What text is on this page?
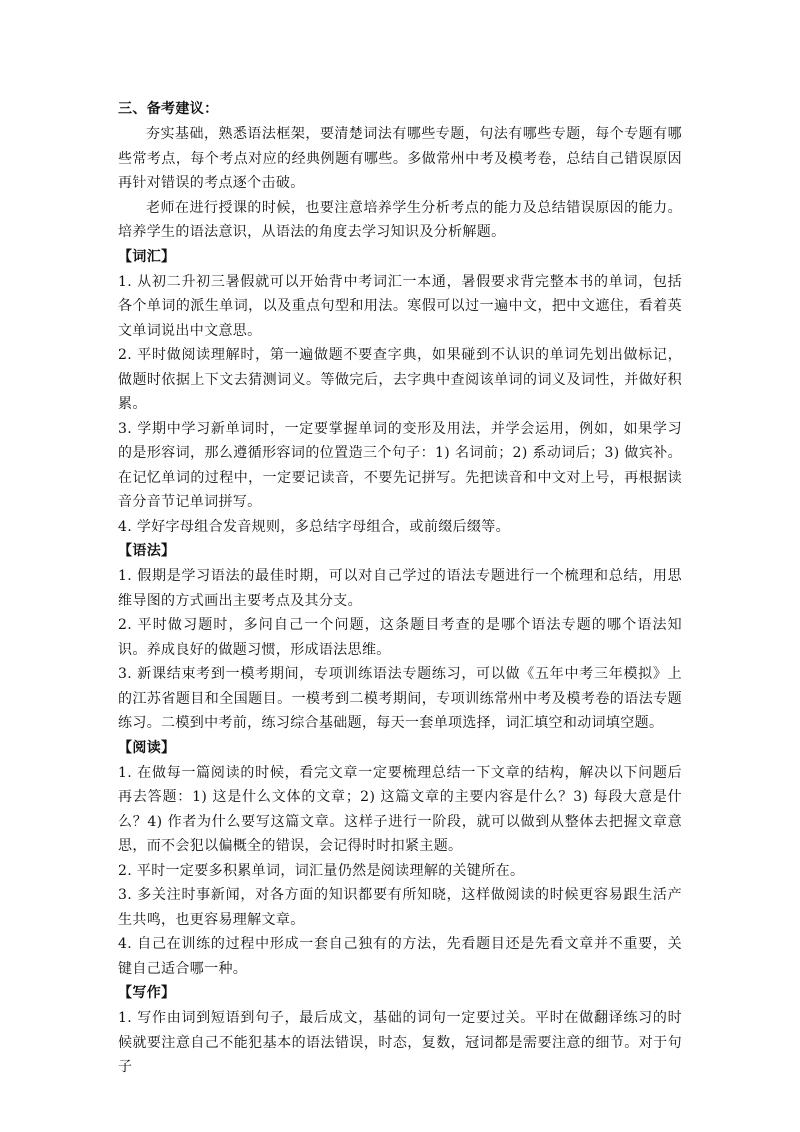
三、备考建议：

夯实基础，熟悉语法框架，要清楚词法有哪些专题，句法有哪些专题，每个专题有哪些常考点，每个考点对应的经典例题有哪些。多做常州中考及模考卷，总结自己错误原因再针对错误的考点逐个击破。

老师在进行授课的时候，也要注意培养学生分析考点的能力及总结错误原因的能力。培养学生的语法意识，从语法的角度去学习知识及分析解题。

【词汇】

1. 从初二升初三暑假就可以开始背中考词汇一本通，暑假要求背完整本书的单词，包括各个单词的派生单词，以及重点句型和用法。寒假可以过一遍中文，把中文遮住，看着英文单词说出中文意思。

2. 平时做阅读理解时，第一遍做题不要查字典，如果碰到不认识的单词先划出做标记，做题时依据上下文去猜测词义。等做完后，去字典中查阅该单词的词义及词性，并做好积累。

3. 学期中学习新单词时，一定要掌握单词的变形及用法，并学会运用，例如，如果学习的是形容词，那么遵循形容词的位置造三个句子：1) 名词前；2) 系动词后；3) 做宾补。在记忆单词的过程中，一定要记读音，不要先记拼写。先把读音和中文对上号，再根据读音分音节记单词拼写。

4. 学好字母组合发音规则，多总结字母组合，或前缀后缀等。

【语法】

1. 假期是学习语法的最佳时期，可以对自己学过的语法专题进行一个梳理和总结，用思维导图的方式画出主要考点及其分支。

2. 平时做习题时，多问自己一个问题，这条题目考查的是哪个语法专题的哪个语法知识。养成良好的做题习惯，形成语法思维。

3. 新课结束考到一模考期间，专项训练语法专题练习，可以做《五年中考三年模拟》上的江苏省题目和全国题目。一模考到二模考期间，专项训练常州中考及模考卷的语法专题练习。二模到中考前，练习综合基础题，每天一套单项选择，词汇填空和动词填空题。

【阅读】

1. 在做每一篇阅读的时候，看完文章一定要梳理总结一下文章的结构，解决以下问题后再去答题：1) 这是什么文体的文章；2) 这篇文章的主要内容是什么？3) 每段大意是什么？4) 作者为什么要写这篇文章。这样子进行一阶段，就可以做到从整体去把握文章意思，而不会犯以偏概全的错误，会记得时时扣紧主题。

2. 平时一定要多积累单词，词汇量仍然是阅读理解的关键所在。

3. 多关注时事新闻，对各方面的知识都要有所知晓，这样做阅读的时候更容易跟生活产生共鸣，也更容易理解文章。

4. 自己在训练的过程中形成一套自己独有的方法，先看题目还是先看文章并不重要，关键自己适合哪一种。

【写作】

1. 写作由词到短语到句子，最后成文，基础的词句一定要过关。平时在做翻译练习的时候就要注意自己不能犯基本的语法错误，时态，复数，冠词都是需要注意的细节。对于句子
